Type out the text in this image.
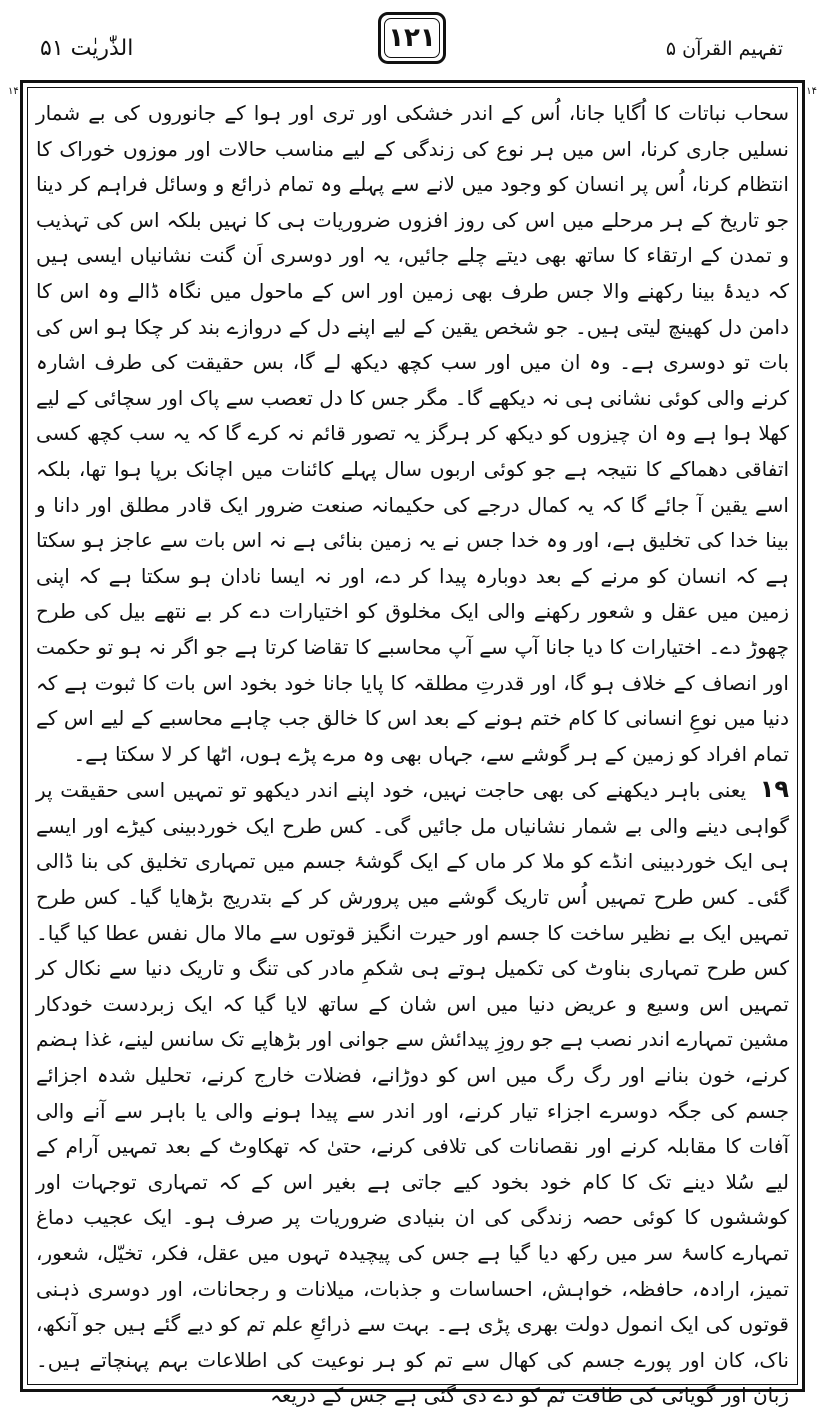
الذّٰریٰت ۵۱	۱۲۱	تفہیم القرآن ۵
۱۴	۱۴

سحاب نباتات کا اُگایا جانا، اُس کے اندر خشکی اور تری اور ہوا کے جانوروں کی بے شمار نسلیں جاری کرنا، اس میں ہر نوع کی زندگی کے لیے مناسب حالات اور موزوں خوراک کا انتظام کرنا، اُس پر انسان کو وجود میں لانے سے پہلے وہ تمام ذرائع و وسائل فراہم کر دینا جو تاریخ کے ہر مرحلے میں اس کی روز افزوں ضروریات ہی کا نہیں بلکہ اس کی تہذیب و تمدن کے ارتقاء کا ساتھ بھی دیتے چلے جائیں، یہ اور دوسری اَن گنت نشانیاں ایسی ہیں کہ دیدۂ بینا رکھنے والا جس طرف بھی زمین اور اس کے ماحول میں نگاہ ڈالے وہ اس کا دامن دل کھینچ لیتی ہیں۔ جو شخص یقین کے لیے اپنے دل کے دروازے بند کر چکا ہو اس کی بات تو دوسری ہے۔ وہ ان میں اور سب کچھ دیکھ لے گا، بس حقیقت کی طرف اشارہ کرنے والی کوئی نشانی ہی نہ دیکھے گا۔ مگر جس کا دل تعصب سے پاک اور سچائی کے لیے کھلا ہوا ہے وہ ان چیزوں کو دیکھ کر ہرگز یہ تصور قائم نہ کرے گا کہ یہ سب کچھ کسی اتفاقی دھماکے کا نتیجہ ہے جو کوئی اربوں سال پہلے کائنات میں اچانک برپا ہوا تھا، بلکہ اسے یقین آ جائے گا کہ یہ کمال درجے کی حکیمانہ صنعت ضرور ایک قادر مطلق اور دانا و بینا خدا کی تخلیق ہے، اور وہ خدا جس نے یہ زمین بنائی ہے نہ اس بات سے عاجز ہو سکتا ہے کہ انسان کو مرنے کے بعد دوبارہ پیدا کر دے، اور نہ ایسا نادان ہو سکتا ہے کہ اپنی زمین میں عقل و شعور رکھنے والی ایک مخلوق کو اختیارات دے کر بے نتھے بیل کی طرح چھوڑ دے۔ اختیارات کا دیا جانا آپ سے آپ محاسبے کا تقاضا کرتا ہے جو اگر نہ ہو تو حکمت اور انصاف کے خلاف ہو گا، اور قدرتِ مطلقہ کا پایا جانا خود بخود اس بات کا ثبوت ہے کہ دنیا میں نوعِ انسانی کا کام ختم ہونے کے بعد اس کا خالق جب چاہے محاسبے کے لیے اس کے تمام افراد کو زمین کے ہر گوشے سے، جہاں بھی وہ مرے پڑے ہوں، اٹھا کر لا سکتا ہے۔

۱۹ یعنی باہر دیکھنے کی بھی حاجت نہیں، خود اپنے اندر دیکھو تو تمہیں اسی حقیقت پر گواہی دینے والی بے شمار نشانیاں مل جائیں گی۔ کس طرح ایک خوردبینی کیڑے اور ایسے ہی ایک خوردبینی انڈے کو ملا کر ماں کے ایک گوشۂ جسم میں تمہاری تخلیق کی بنا ڈالی گئی۔ کس طرح تمہیں اُس تاریک گوشے میں پرورش کر کے بتدریج بڑھایا گیا۔ کس طرح تمہیں ایک بے نظیر ساخت کا جسم اور حیرت انگیز قوتوں سے مالا مال نفس عطا کیا گیا۔ کس طرح تمہاری بناوٹ کی تکمیل ہوتے ہی شکمِ مادر کی تنگ و تاریک دنیا سے نکال کر تمہیں اس وسیع و عریض دنیا میں اس شان کے ساتھ لایا گیا کہ ایک زبردست خودکار مشین تمہارے اندر نصب ہے جو روزِ پیدائش سے جوانی اور بڑھاپے تک سانس لینے، غذا ہضم کرنے، خون بنانے اور رگ رگ میں اس کو دوڑانے، فضلات خارج کرنے، تحلیل شدہ اجزائے جسم کی جگہ دوسرے اجزاء تیار کرنے، اور اندر سے پیدا ہونے والی یا باہر سے آنے والی آفات کا مقابلہ کرنے اور نقصانات کی تلافی کرنے، حتیٰ کہ تھکاوٹ کے بعد تمہیں آرام کے لیے سُلا دینے تک کا کام خود بخود کیے جاتی ہے بغیر اس کے کہ تمہاری توجہات اور کوششوں کا کوئی حصہ زندگی کی ان بنیادی ضروریات پر صرف ہو۔ ایک عجیب دماغ تمہارے کاسۂ سر میں رکھ دیا گیا ہے جس کی پیچیدہ تہوں میں عقل، فکر، تخیّل، شعور، تمیز، ارادہ، حافظہ، خواہش، احساسات و جذبات، میلانات و رجحانات، اور دوسری ذہنی قوتوں کی ایک انمول دولت بھری پڑی ہے۔ بہت سے ذرائعِ علم تم کو دیے گئے ہیں جو آنکھ، ناک، کان اور پورے جسم کی کھال سے تم کو ہر نوعیت کی اطلاعات بہم پہنچاتے ہیں۔ زبان اور گویائی کی طاقت تم کو دے دی گئی ہے جس کے ذریعہ
